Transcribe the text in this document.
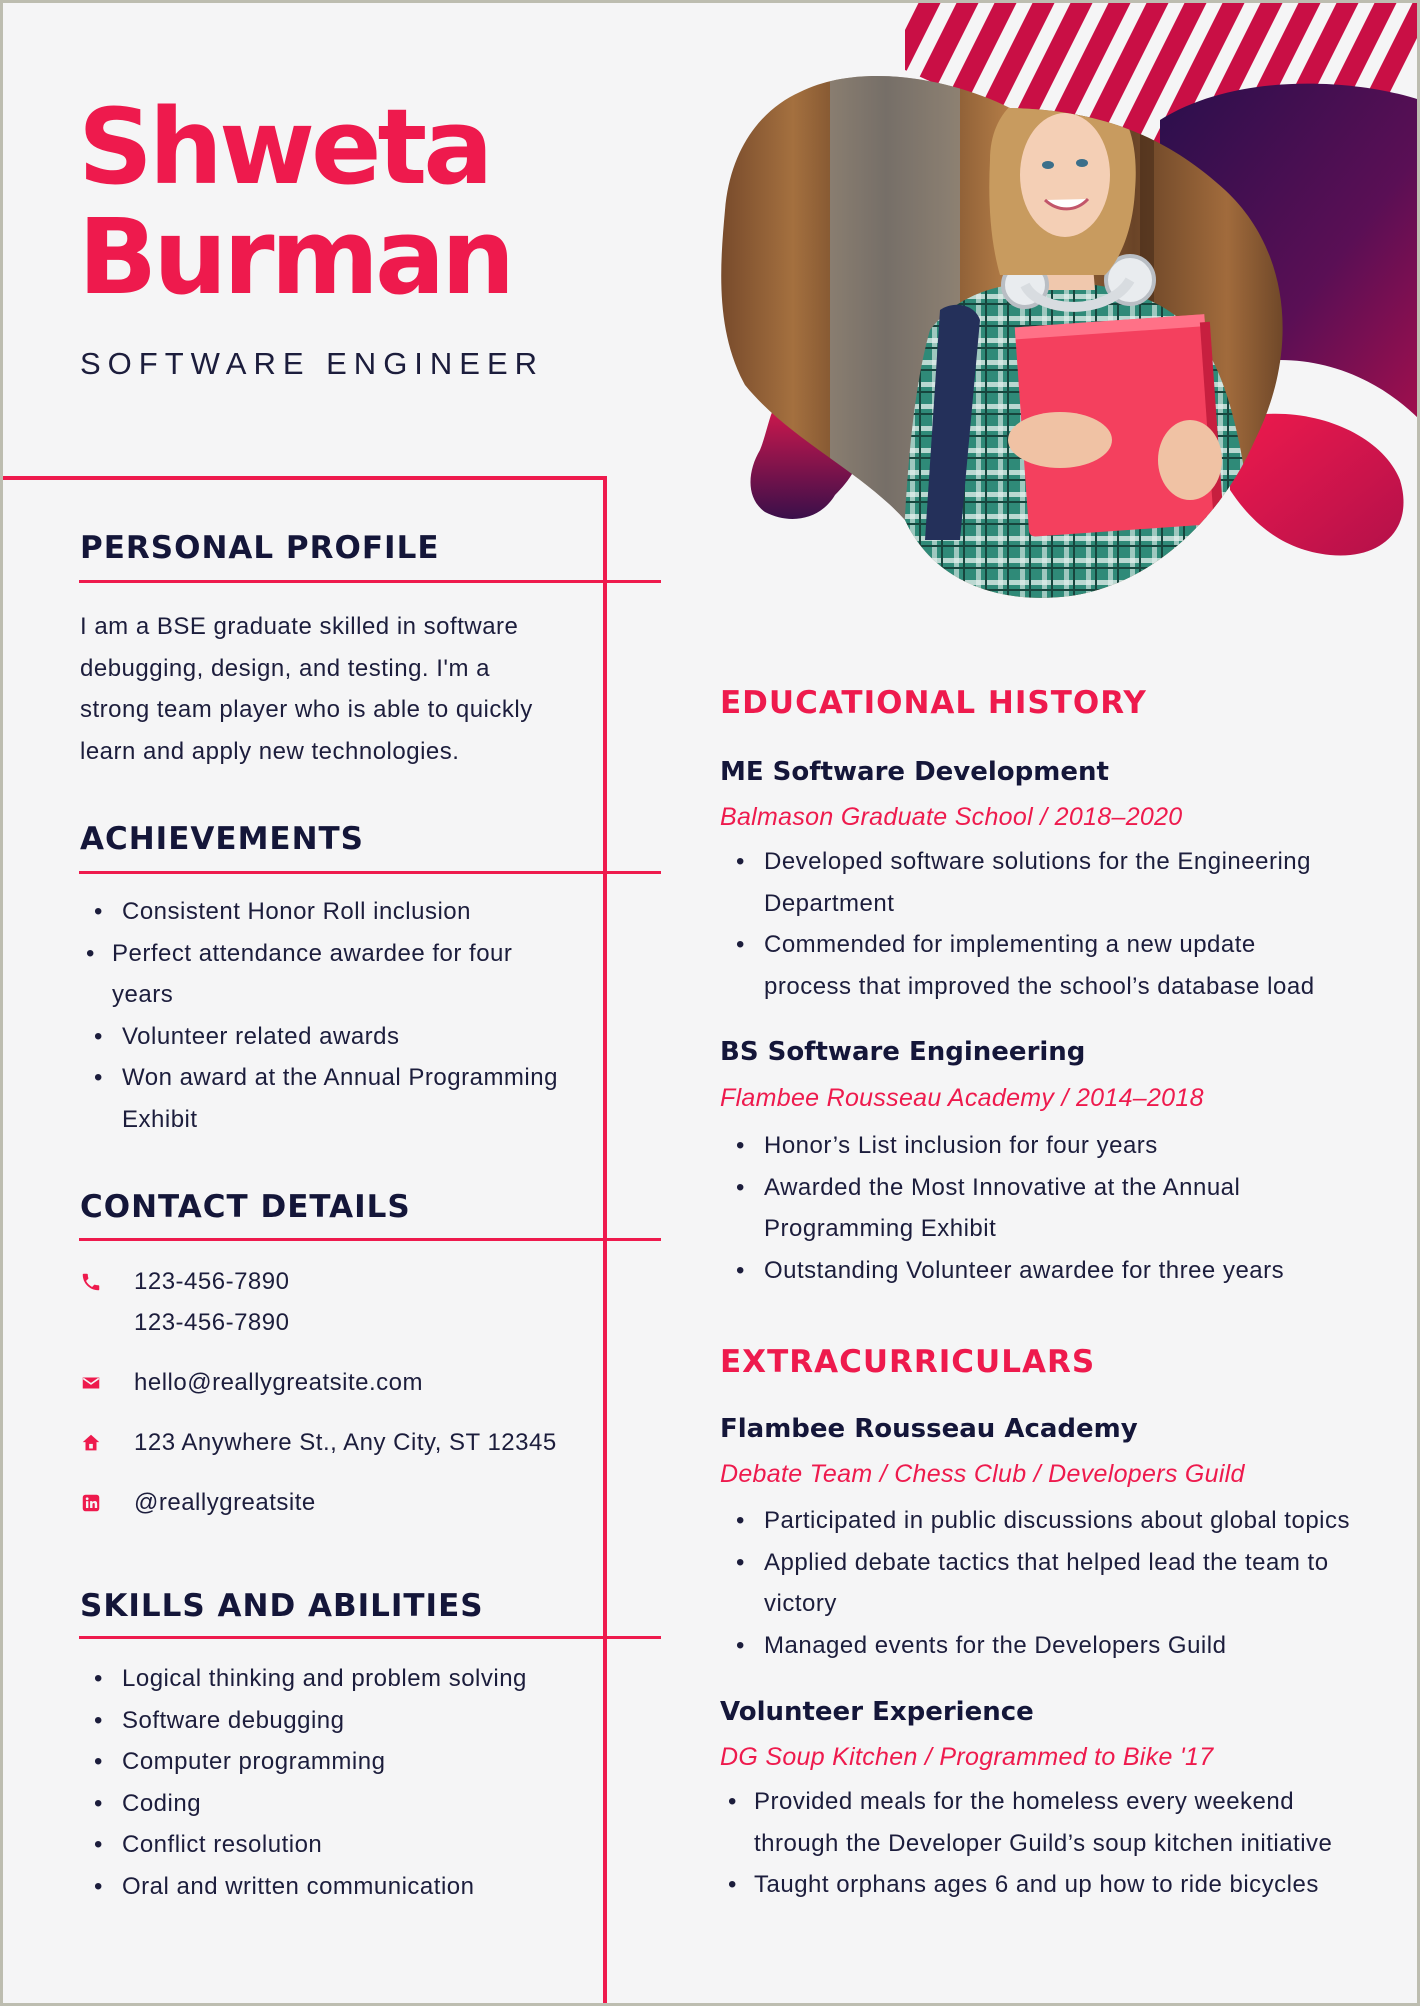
Shweta
Burman
SOFTWARE ENGINEER
PERSONAL PROFILE

I am a BSE graduate skilled in software debugging, design, and testing. I'm a strong team player who is able to quickly learn and apply new technologies.

ACHIEVEMENTS
• Consistent Honor Roll inclusion
• Perfect attendance awardee for four years
• Volunteer related awards
• Won award at the Annual Programming Exhibit
CONTACT DETAILS
123-456-7890
123-456-7890
hello@reallygreatsite.com
123 Anywhere St., Any City, ST 12345
@reallygreatsite
SKILLS AND ABILITIES
• Logical thinking and problem solving
• Software debugging
• Computer programming
• Coding
• Conflict resolution
• Oral and written communication
EDUCATIONAL HISTORY
ME Software Development
Balmason Graduate School / 2018–2020
• Developed software solutions for the Engineering Department
• Commended for implementing a new update process that improved the school’s database load
BS Software Engineering
Flambee Rousseau Academy / 2014–2018
• Honor’s List inclusion for four years
• Awarded the Most Innovative at the Annual Programming Exhibit
• Outstanding Volunteer awardee for three years
EXTRACURRICULARS
Flambee Rousseau Academy
Debate Team / Chess Club / Developers Guild
• Participated in public discussions about global topics
• Applied debate tactics that helped lead the team to victory
• Managed events for the Developers Guild
Volunteer Experience
DG Soup Kitchen / Programmed to Bike '17
• Provided meals for the homeless every weekend through the Developer Guild’s soup kitchen initiative
• Taught orphans ages 6 and up how to ride bicycles
